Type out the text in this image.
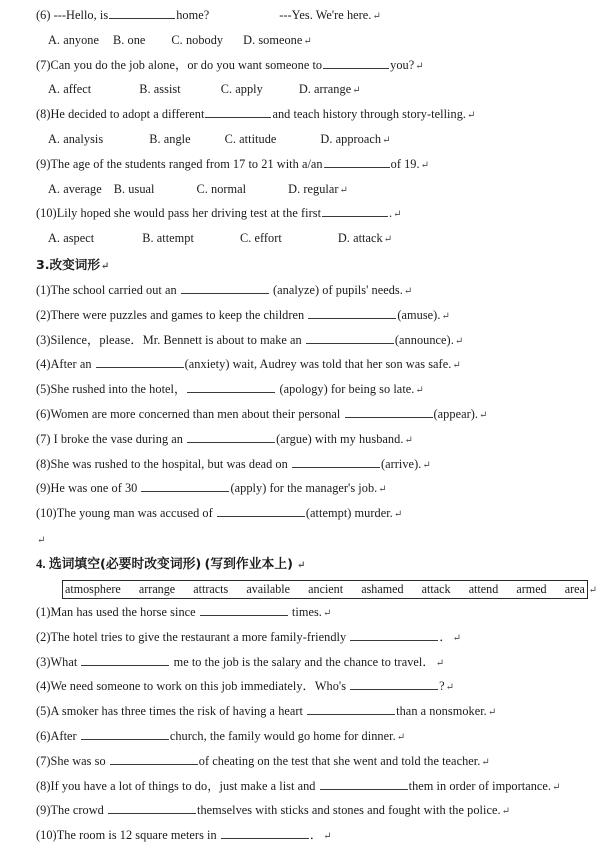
(6) ---Hello, is	home?	---Yes. We're here.↵
A. anyone B. one C. nobody D. someone↵
(7)Can you do the job alone，or do you want someone to	you?↵
A. affect	B. assist	C. apply	D. arrange↵
(8)He decided to adopt a different	and teach history through story-telling.↵
A. analysis	B. angle	C. attitude	D. approach↵
(9)The age of the students ranged from 17 to 21 with a/an	of 19.↵
A. average B. usual	C. normal	D. regular↵
(10)Lily hoped she would pass her driving test at the first	.↵
A. aspect	B. attempt	C. effort	D. attack↵
3.改变词形↵
(1)The school carried out an	(analyze) of pupils' needs.↵
(2)There were puzzles and games to keep the children	(amuse).↵
(3)Silence，please．Mr. Bennett is about to make an	(announce).↵
(4)After an	(anxiety) wait, Audrey was told that her son was safe.↵
(5)She rushed into the hotel，	(apology) for being so late.↵
(6)Women are more concerned than men about their personal	(appear).↵
(7) I broke the vase during an	(argue) with my husband.↵
(8)She was rushed to the hospital, but was dead on	(arrive).↵
(9)He was one of 30	(apply) for the manager's job.↵
(10)The young man was accused of	(attempt) murder.↵
↵
4. 选词填空(必要时改变词形) (写到作业本上) ↵
atmosphere arrange attracts available ancient ashamed attack attend armed area ↵
(1)Man has used the horse since	times.↵
(2)The hotel tries to give the restaurant a more family-friendly	．↵
(3)What	me to the job is the salary and the chance to travel．↵
(4)We need someone to work on this job immediately．Who's	?↵
(5)A smoker has three times the risk of having a heart	than a nonsmoker.↵
(6)After	church, the family would go home for dinner.↵
(7)She was so	of cheating on the test that she went and told the teacher.↵
(8)If you have a lot of things to do，just make a list and	them in order of importance.↵
(9)The crowd	themselves with sticks and stones and fought with the police.↵
(10)The room is 12 square meters in	．↵
